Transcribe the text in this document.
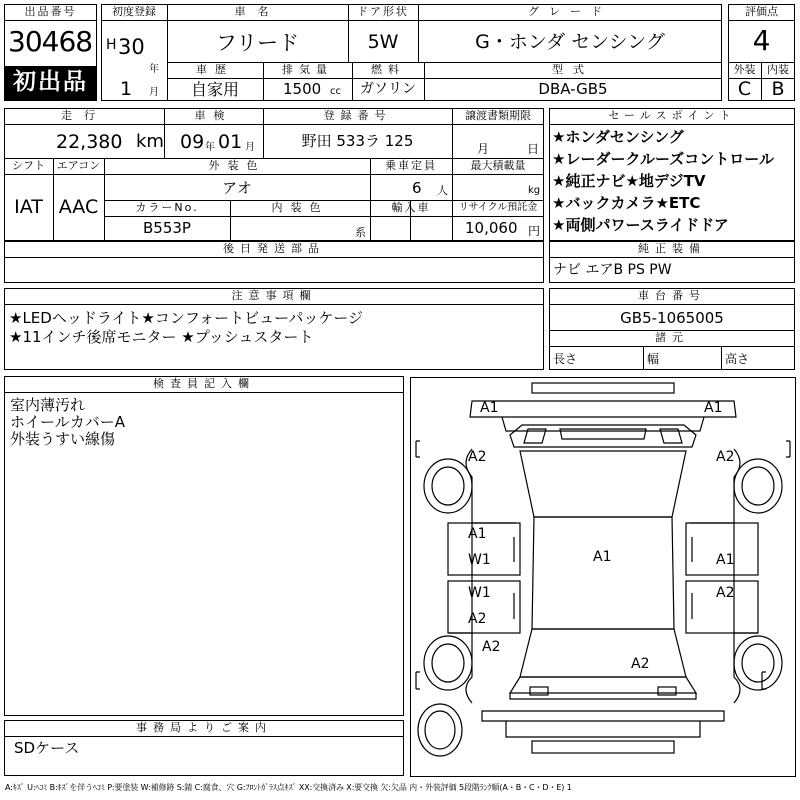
出品番号
30468
初出品
初度登録
H 30
年
1 月
車名
フリード
ドア形状
5W
グレード
G・ホンダ センシング
車歴
自家用
排気量
1500 cc
燃料
ガソリン
型式
DBA-GB5
評価点
4
外装	内装
C	B
走行
22,380 km
車検
09 年 01 月
登録番号
野田 533ラ 125
譲渡書類期限
月	日
シフト
IAT
エアコン
AAC
外装色
アオ
乗車定員
6 人
最大積載量
kg
カラーNo.
B553P
内装色
系
輸入車	リサイクル預託金
10,060 円
後日発送部品
セールスポイント
★ホンダセンシング
★レーダークルーズコントロール
★純正ナビ★地デジTV
★バックカメラ★ETC
★両側パワースライドドア
純正装備
ナビ エアB PS PW
注意事項欄
★LEDヘッドライト★コンフォートビューパッケージ
★11インチ後席モニター ★プッシュスタート
車台番号
GB5-1065005
諸元
長さ	幅	高さ
検査員記入欄
室内薄汚れ
ホイールカバーA
外装うすい線傷
事務局よりご案内
SDケース
A1	A1
A2	A2
A1
W1	A1	A1
W1
A2
A2
A2
A2
A:ｷｽﾞ U:ﾍｺﾐ B:ｷｽﾞを伴うﾍｺﾐ P:要塗装 W:補修跡 S:錆 C:腐食、穴 G:ﾌﾛﾝﾄｶﾞﾗｽ点ｷｽﾞ XX:交換済み X:要交換 欠:欠品 内・外装評価 5段階ﾗﾝｸ順(A・B・C・D・E) 1
